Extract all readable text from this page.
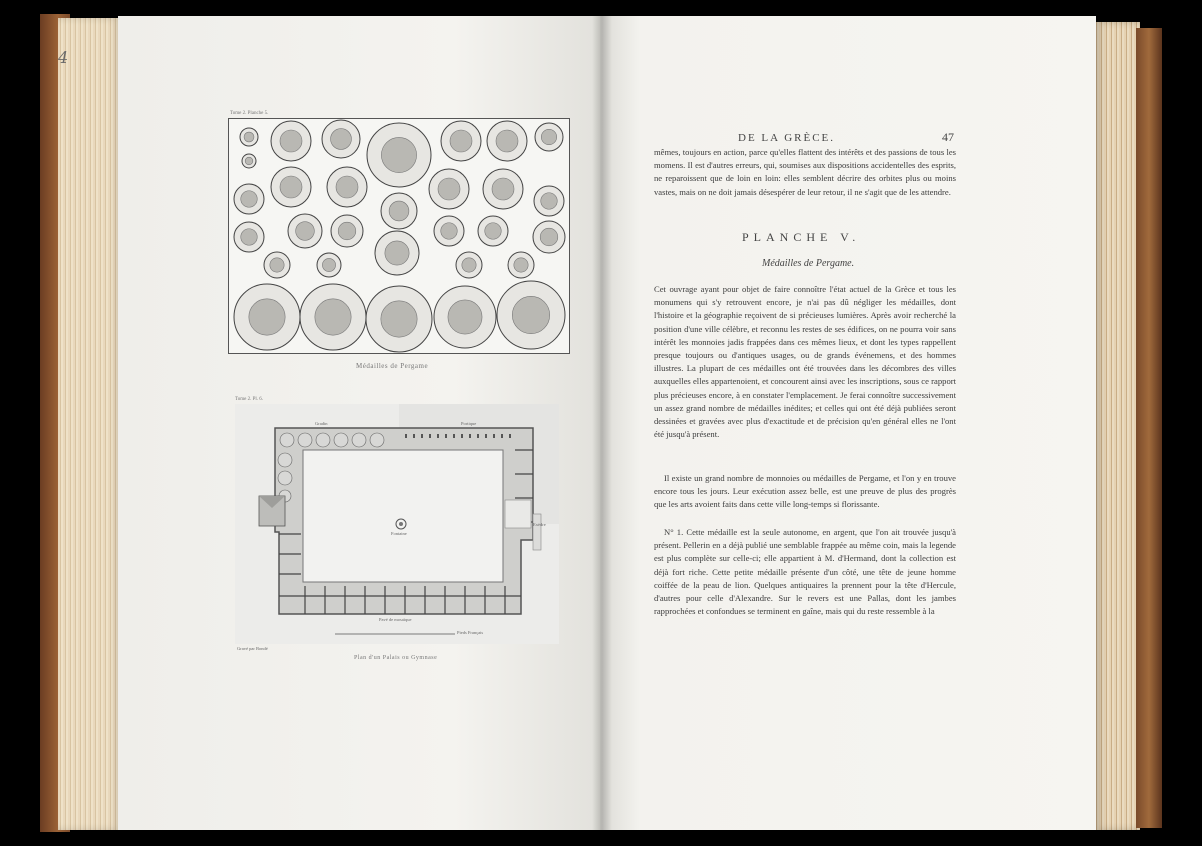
4
Tome 2. Planche 5.
Médailles de Pergame
Tome 2. Pl. 6.
Gradin	Portique
Exèdre
Fontaine
Pavé de mosaïque
Pieds Français
Gravé par Bondé
Plan d'un Palais ou Gymnase
DE LA GRÈCE.	47
mêmes, toujours en action, parce qu'elles flattent des intérêts et des passions de tous les momens. Il est d'autres erreurs, qui, soumises aux dispositions accidentelles des esprits, ne reparoissent que de loin en loin: elles semblent décrire des orbites plus ou moins vastes, mais on ne doit jamais désespérer de leur retour, il ne s'agit que de les attendre.
PLANCHE V.
Médailles de Pergame.
Cet ouvrage ayant pour objet de faire connoître l'état actuel de la Grèce et tous les monumens qui s'y retrouvent encore, je n'ai pas dû négliger les médailles, dont l'histoire et la géographie reçoivent de si précieuses lumières. Après avoir recherché la position d'une ville célèbre, et reconnu les restes de ses édifices, on ne pourra voir sans intérêt les monnoies jadis frappées dans ces mêmes lieux, et dont les types rappellent presque toujours ou d'antiques usages, ou de grands événemens, et des hommes illustres. La plupart de ces médailles ont été trouvées dans les décombres des villes auxquelles elles appartenoient, et concourent ainsi avec les inscriptions, sous ce rapport plus précieuses encore, à en constater l'emplacement. Je ferai connoître successivement un assez grand nombre de médailles inédites; et celles qui ont été déjà publiées seront dessinées et gravées avec plus d'exactitude et de précision qu'en général elles ne l'ont été jusqu'à présent.
Il existe un grand nombre de monnoies ou médailles de Pergame, et l'on y en trouve encore tous les jours. Leur exécution assez belle, est une preuve de plus des progrès que les arts avoient faits dans cette ville long-temps si florissante.
N° 1. Cette médaille est la seule autonome, en argent, que l'on ait trouvée jusqu'à présent. Pellerin en a déjà publié une semblable frappée au même coin, mais la legende est plus complète sur celle-ci; elle appartient à M. d'Hermand, dont la collection est déjà fort riche. Cette petite médaille présente d'un côté, une tête de jeune homme coiffée de la peau de lion. Quelques antiquaires la prennent pour la tête d'Hercule, d'autres pour celle d'Alexandre. Sur le revers est une Pallas, dont les jambes rapprochées et confondues se terminent en gaîne, mais qui du reste ressemble à la
